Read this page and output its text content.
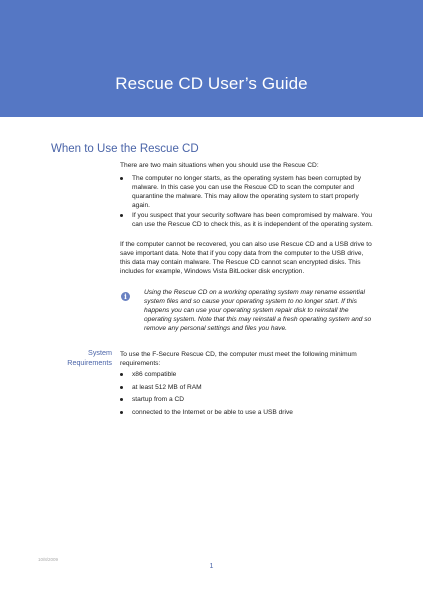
Rescue CD User’s Guide
When to Use the Rescue CD
There are two main situations when you should use the Rescue CD:
The computer no longer starts, as the operating system has been corrupted by malware. In this case you can use the Rescue CD to scan the computer and quarantine the malware. This may allow the operating system to start properly again.
If you suspect that your security software has been compromised by malware. You can use the Rescue CD to check this, as it is independent of the operating system.
If the computer cannot be recovered, you can also use Rescue CD and a USB drive to save important data. Note that if you copy data from the computer to the USB drive, this data may contain malware. The Rescue CD cannot scan encrypted disks. This includes for example, Windows Vista BitLocker disk encryption.
i	Using the Rescue CD on a working operating system may rename essential system files and so cause your operating system to no longer start. If this happens you can use your operating system repair disk to reinstall the operating system. Note that this may reinstall a fresh operating system and so remove any personal settings and files you have.
System
Requirements
To use the F-Secure Rescue CD, the computer must meet the following minimum requirements:
x86 compatible
at least 512 MB of RAM
startup from a CD
connected to the Internet or be able to use a USB drive
10/8/2009
1
